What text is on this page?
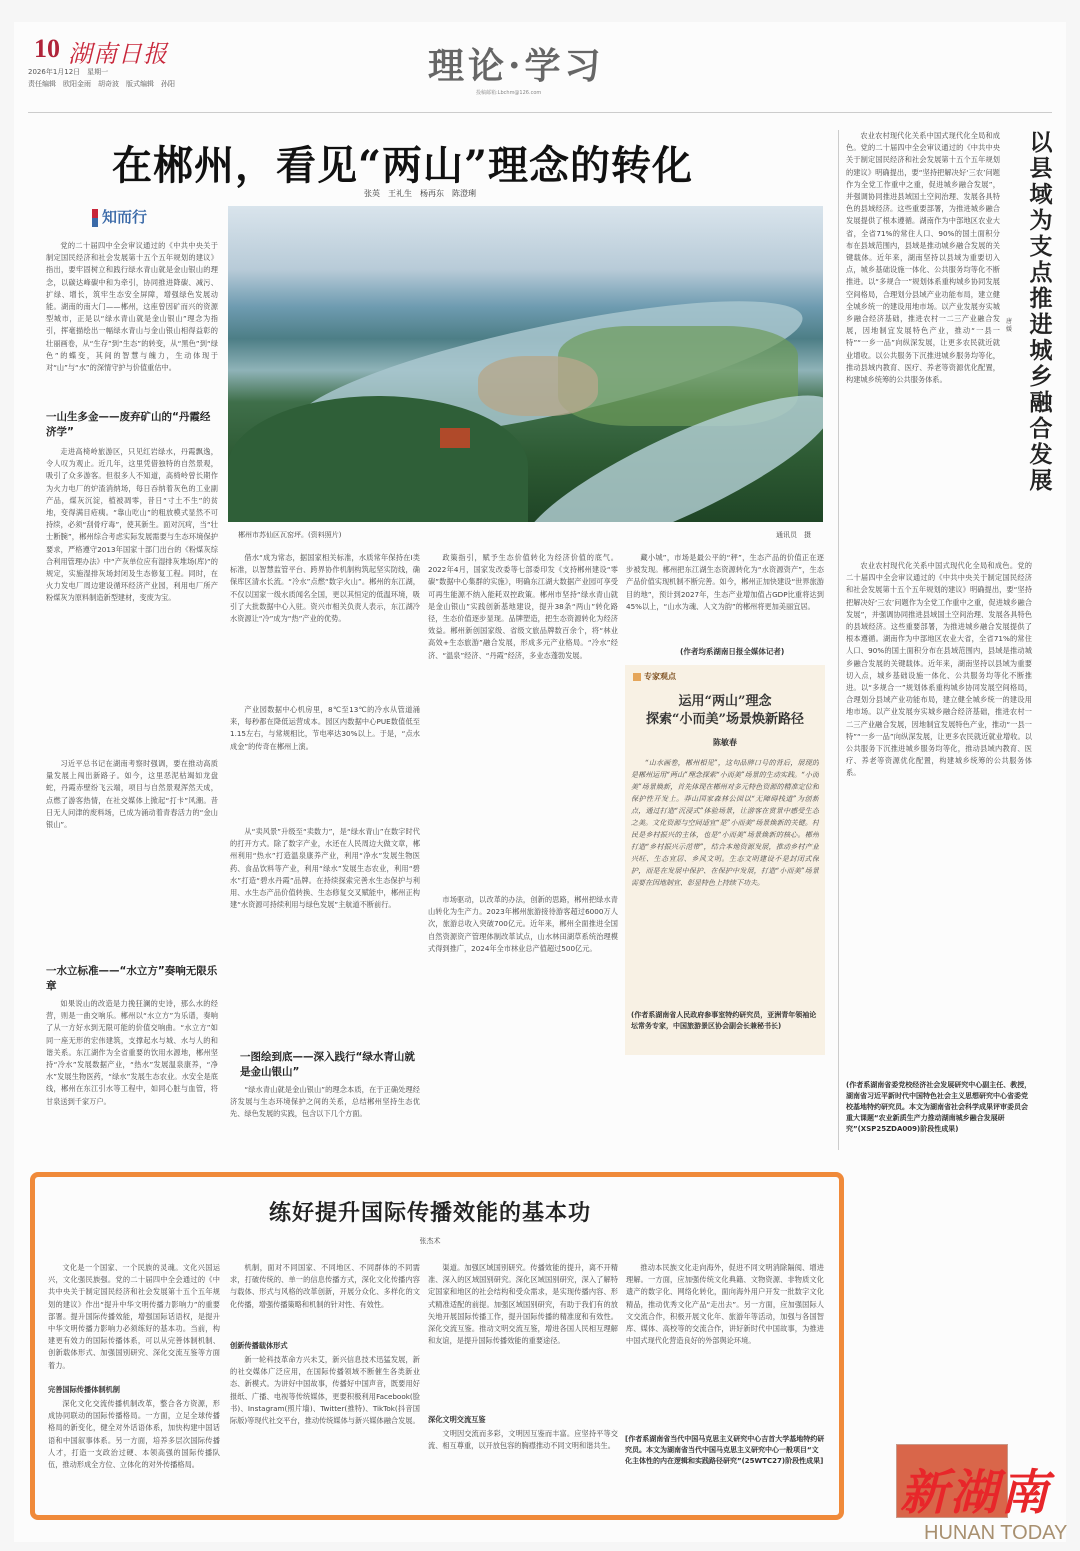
10 湖南日报
2026年1月12日　星期一
责任编辑　欧阳金雨　胡奇波　版式编辑　孙阳	理论·学习
投稿邮箱:Lbchm@126.com
在郴州，看见“两山”理念的转化
张英　王礼生　杨再东　陈澄琍
知而行
郴州市苏仙区瓦窑坪。(资料照片)	通讯员　摄

党的二十届四中全会审议通过的《中共中央关于制定国民经济和社会发展第十五个五年规划的建议》指出，要牢固树立和践行绿水青山就是金山银山的理念，以碳达峰碳中和为牵引，协同推进降碳、减污、扩绿、增长，筑牢生态安全屏障，增强绿色发展动能。湖南的南大门——郴州，这座曾因矿而兴的资源型城市，正是以“绿水青山就是金山银山”理念为指引，挥毫描绘出一幅绿水青山与金山银山相得益彰的壮丽画卷，从“生存”到“生态”的转变，从“黑色”到“绿色”的蝶变，其间的智慧与魄力，生动体现于对“山”与“水”的深情守护与价值重估中。

一山生多金——废弃矿山的“丹霞经济学”

走进高椅岭旅游区，只见红岩绿水，丹霞飘逸，令人叹为观止。近几年，这里凭借独特的自然景观，吸引了众多游客。但很多人不知道，高椅岭曾长期作为火力电厂的炉渣消纳场，每日吞纳着灰色的工业副产品，煤灰沉淀，植被凋零，昔日“寸土不生”的贫地，变得满目疮痍。“靠山吃山”的粗放模式显然不可持续，必须“刮骨疗毒”，使其新生。面对沉疴，当“壮士断腕”，郴州综合考虑实际发展需要与生态环境保护要求，严格遵守2013年国家十部门出台的《粉煤灰综合利用管理办法》中“产灰单位应有湿排灰堆场(库)”的规定，实施湿排灰场封闭及生态修复工程。同时，在火力发电厂周边建设循环经济产业园，利用电厂所产粉煤灰为原料制造新型建材，变废为宝。

习近平总书记在湖南考察时强调，要在推动高质量发展上闯出新路子。如今，这里恶泥枯竭如龙盘蛇，丹霞赤壁纷飞云端，项目与自然景观浑然天成，点燃了游客热情，在社交媒体上掀起“打卡”风潮。昔日无人问津的废料场，已成为涌动着青春活力的“金山银山”。

一水立标准——“水立方”奏响无限乐章

如果说山的改造是力挽狂澜的史诗，那么水的经营，则是一曲交响乐。郴州以“水立方”为乐谱，奏响了从一方好水到无限可能的价值交响曲。“水立方”如同一座无形的宏伟建筑，支撑起水与城、水与人的和谐关系。东江湖作为全省重要的饮用水源地，郴州坚持“冷水”发展数据产业，“热水”发展温泉康养，“净水”发展生物医药，“绿水”发展生态农业。水安全是底线，郴州在东江引水等工程中，如同心脏与血管，将甘泉送到千家万户。

借水“成为常态，据国家相关标准，水质常年保持在Ⅰ类标准，以智慧监管平台、跨界协作机制构筑起坚实防线，确保库区清水长流。“冷水”点燃“数字火山”。郴州的东江湖，不仅以国家一级水质闻名全国，更以其恒定的低温环境，吸引了大批数据中心入驻。资兴市相关负责人表示，东江湖冷水资源让“冷”成为“热”产业的优势。

产业园数据中心机房里，8℃至13℃的冷水从管道涌来，每秒都在降低运营成本。园区内数据中心PUE数值低至1.15左右，与常规相比，节电率达30%以上。于是，“点水成金”的传奇在郴州上演。

从“卖风景”升级至“卖数力”，是“绿水青山”在数字时代的打开方式。除了数字产业，水还在人民周边大做文章，郴州利用“热水”打造温泉康养产业，利用“净水”发展生物医药、食品饮料等产业，利用“绿水”发展生态农业，利用“碧水”打造“碧水丹霞”品牌。在持续探索完善水生态保护与利用、水生态产品价值转换、生态修复交叉赋能中，郴州正构建“水资源可持续利用与绿色发展”主航道不断前行。

一图绘到底——深入践行“绿水青山就是金山银山”

“绿水青山就是金山银山”的理念本质，在于正确处理经济发展与生态环境保护之间的关系，总结郴州坚持生态优先、绿色发展的实践，包含以下几个方面。

政策指引，赋予生态价值转化为经济价值的底气。2022年4月，国家发改委等七部委印发《支持郴州建设“零碳”数据中心集群的实施》，明确东江湖大数据产业园可享受可再生能源不纳入能耗双控政策。郴州市坚持“绿水青山就是金山银山”实践创新基地建设，提升38条“两山”转化路径，生态价值逐步显现。品牌塑造，把生态资源转化为经济效益。郴州新创国家级、省级文旅品牌数百余个，将“林业高效+生态旅游”融合发展，形成多元产业格局。“冷水”经济、“温泉”经济、“丹霞”经济，多业态蓬勃发展。

市场驱动，以改革的办法，创新的思路，郴州把绿水青山转化为生产力。2023年郴州旅游接待游客超过6000万人次，旅游总收入突破700亿元。近年来，郴州全面推进全国自然资源资产管理体制改革试点，山水林田湖草系统治理模式得到推广，2024年全市林业总产值超过500亿元。

藏小城”，市场是最公平的“秤”，生态产品的价值正在逐步被发现。郴州把东江湖生态资源转化为“水资源资产”，生态产品价值实现机制不断完善。如今，郴州正加快建设“世界旅游目的地”，预计到2027年，生态产业增加值占GDP比重将达到45%以上，“山水为魂、人文为韵”的郴州将更加美丽宜居。

(作者均系湖南日报全媒体记者)
专家观点
运用“两山”理念
探索“小而美”场景焕新路径
陈敏春

“山水画卷，郴州相见”，这句品牌口号的背后，展现的是郴州运用“两山”理念探索“小而美”场景的生动实践。“小而美”场景焕新，首先体现在郴州对多元特色资源的精准定位和保护性开发上。莽山国家森林公园以“无障碍栈道”为创新点，通过打造“沉浸式”体验场景，让游客在赏景中感受生态之美。文化资源与空间适宜“是”小而美“场景焕新的关键。村民是乡村振兴的主体，也是“小而美”场景焕新的核心。郴州打造“乡村振兴示范带”，结合本地资源发展，推动乡村产业兴旺、生态宜居、乡风文明。生态文明建设不是封闭式保护，而是在发展中保护、在保护中发展，打造“小而美”场景需要在因地制宜、彰显特色上持续下功夫。

(作者系湖南省人民政府参事室特约研究员，亚洲青年领袖论坛常务专家，中国旅游景区协会副会长兼秘书长)
以县域为支点推进城乡融合发展
唐媛

农业农村现代化关系中国式现代化全局和成色。党的二十届四中全会审议通过的《中共中央关于制定国民经济和社会发展第十五个五年规划的建议》明确提出，要“坚持把解决好‘三农’问题作为全党工作重中之重，促进城乡融合发展”，并强调协同推进县域国土空间治理、发展各具特色的县域经济。这些重要部署，为推进城乡融合发展提供了根本遵循。湖南作为中部地区农业大省，全省71%的常住人口、90%的国土面积分布在县域范围内，县域是推动城乡融合发展的关键载体。近年来，湖南坚持以县域为重要切入点，城乡基础设施一体化、公共服务均等化不断推进。以“多规合一”规划体系重构城乡协同发展空间格局，合理划分县域产业功能布局，建立健全城乡统一的建设用地市场。以产业发展夯实城乡融合经济基础，推进农村一二三产业融合发展，因地制宜发展特色产业，推动“一县一特”“一乡一品”向纵深发展，让更多农民就近就业增收。以公共服务下沉推进城乡服务均等化，推动县域内教育、医疗、养老等资源优化配置，构建城乡统筹的公共服务体系。

农业农村现代化关系中国式现代化全局和成色。党的二十届四中全会审议通过的《中共中央关于制定国民经济和社会发展第十五个五年规划的建议》明确提出，要“坚持把解决好‘三农’问题作为全党工作重中之重，促进城乡融合发展”，并强调协同推进县域国土空间治理、发展各具特色的县域经济。这些重要部署，为推进城乡融合发展提供了根本遵循。湖南作为中部地区农业大省，全省71%的常住人口、90%的国土面积分布在县域范围内，县域是推动城乡融合发展的关键载体。近年来，湖南坚持以县域为重要切入点，城乡基础设施一体化、公共服务均等化不断推进。以“多规合一”规划体系重构城乡协同发展空间格局，合理划分县域产业功能布局，建立健全城乡统一的建设用地市场。以产业发展夯实城乡融合经济基础，推进农村一二三产业融合发展，因地制宜发展特色产业，推动“一县一特”“一乡一品”向纵深发展，让更多农民就近就业增收。以公共服务下沉推进城乡服务均等化，推动县域内教育、医疗、养老等资源优化配置，构建城乡统筹的公共服务体系。

(作者系湖南省委党校经济社会发展研究中心副主任、教授，湖南省习近平新时代中国特色社会主义思想研究中心省委党校基地特约研究员。本文为湖南省社会科学成果评审委员会重大课题“农业新质生产力推动湖南城乡融合发展研究”(XSP25ZDA009)阶段性成果)
练好提升国际传播效能的基本功
张杰术

文化是一个国家、一个民族的灵魂。文化兴国运兴，文化强民族强。党的二十届四中全会通过的《中共中央关于制定国民经济和社会发展第十五个五年规划的建议》作出“提升中华文明传播力影响力”的重要部署。提升国际传播效能，增强国际话语权，是提升中华文明传播力影响力必须练好的基本功。当前，构建更有效力的国际传播体系，可以从完善体制机制、创新载体形式、加强国别研究、深化交流互鉴等方面着力。

完善国际传播体制机制

深化文化交流传播机制改革，整合各方资源，形成协同联动的国际传播格局。一方面，立足全球传播格局的新变化，健全对外话语体系，加快构建中国话语和中国叙事体系。另一方面，培养多层次国际传播人才，打造一支政治过硬、本领高强的国际传播队伍，推动形成全方位、立体化的对外传播格局。

机制，面对不同国家、不同地区、不同群体的不同需求，打破传统的、单一的信息传播方式，深化文化传播内容与载体、形式与风格的改革创新，开展分众化、多样化的文化传播，增强传播策略和机制的针对性、有效性。

创新传播载体形式

新一轮科技革命方兴未艾，新兴信息技术迅猛发展，新的社交媒体广泛应用，在国际传播领域不断催生各类新业态、新模式。为讲好中国故事，传播好中国声音，既要用好报纸、广播、电视等传统媒体，更要积极利用Facebook(脸书)、Instagram(照片墙)、Twitter(推特)、TikTok(抖音国际版)等现代社交平台，推动传统媒体与新兴媒体融合发展。

渠道。加强区域国别研究。传播效能的提升，离不开精准、深入的区域国别研究。深化区域国别研究，深入了解特定国家和地区的社会结构和受众需求，是实现传播内容、形式精准适配的前提。加强区域国别研究，有助于我们有的放矢地开展国际传播工作，提升国际传播的精准度和有效性。深化交流互鉴。推动文明交流互鉴，增进各国人民相互理解和友谊，是提升国际传播效能的重要途径。

深化文明交流互鉴

文明因交流而多彩，文明因互鉴而丰富。应坚持平等交流、相互尊重，以开放包容的胸襟推动不同文明和谐共生。

推动本民族文化走向海外，促进不同文明消除隔阂、增进理解。一方面，应加强传统文化典籍、文物资源、非物质文化遗产的数字化、网络化转化，面向海外用户开发一批数字文化精品，推动优秀文化产品“走出去”。另一方面，应加强国际人文交流合作，积极开展文化年、旅游年等活动，加强与各国智库、媒体、高校等的交流合作，讲好新时代中国故事，为推进中国式现代化营造良好的外部舆论环境。

[作者系湖南省当代中国马克思主义研究中心吉首大学基地特约研究员。本文为湖南省当代中国马克思主义研究中心一般项目“文化主体性的内在逻辑和实践路径研究”(25WTC27)阶段性成果]
新湖南
HUNAN TODAY
